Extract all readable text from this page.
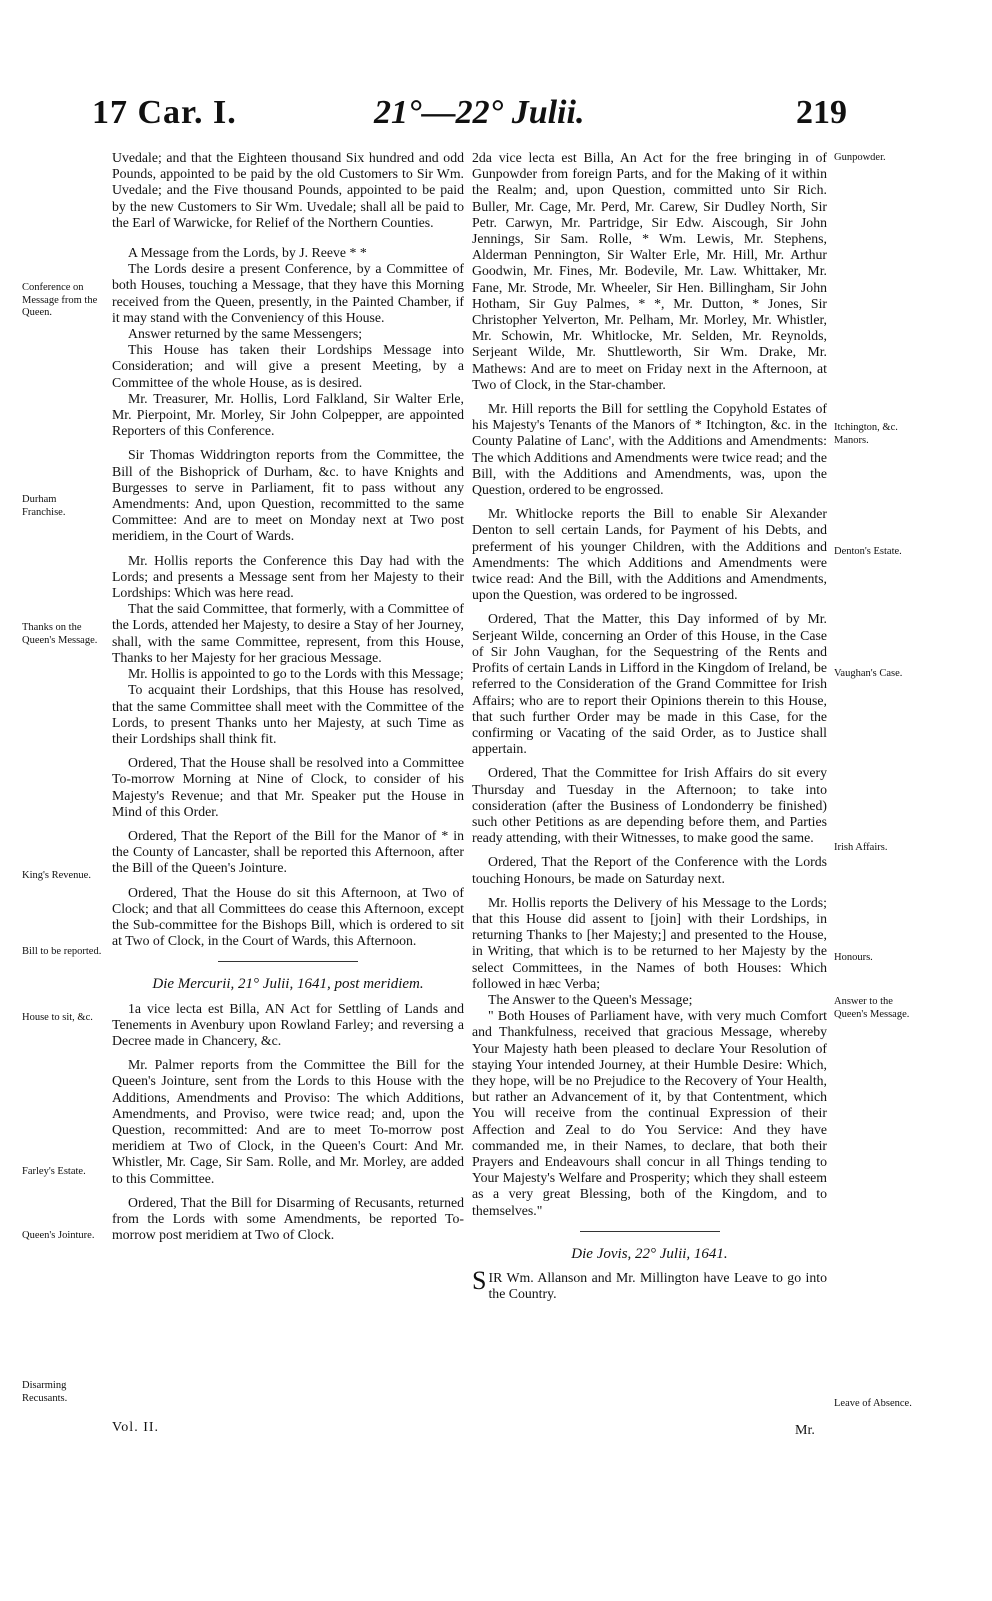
17 Car. I.	21°—22° Julii.	219

Uvedale; and that the Eighteen thousand Six hundred and odd Pounds, appointed to be paid by the old Customers to Sir Wm. Uvedale; and the Five thousand Pounds, appointed to be paid by the new Customers to Sir Wm. Uvedale; shall all be paid to the Earl of Warwicke, for Relief of the Northern Counties.

A Message from the Lords, by J. Reeve * *

The Lords desire a present Conference, by a Committee of both Houses, touching a Message, that they have this Morning received from the Queen, presently, in the Painted Chamber, if it may stand with the Conveniency of this House.

Answer returned by the same Messengers;

This House has taken their Lordships Message into Consideration; and will give a present Meeting, by a Committee of the whole House, as is desired.

Mr. Treasurer, Mr. Hollis, Lord Falkland, Sir Walter Erle, Mr. Pierpoint, Mr. Morley, Sir John Colpepper, are appointed Reporters of this Conference.

Sir Thomas Widdrington reports from the Committee, the Bill of the Bishoprick of Durham, &c. to have Knights and Burgesses to serve in Parliament, fit to pass without any Amendments: And, upon Question, recommitted to the same Committee: And are to meet on Monday next at Two post meridiem, in the Court of Wards.

Mr. Hollis reports the Conference this Day had with the Lords; and presents a Message sent from her Majesty to their Lordships: Which was here read.

That the said Committee, that formerly, with a Committee of the Lords, attended her Majesty, to desire a Stay of her Journey, shall, with the same Committee, represent, from this House, Thanks to her Majesty for her gracious Message.

Mr. Hollis is appointed to go to the Lords with this Message;

To acquaint their Lordships, that this House has resolved, that the same Committee shall meet with the Committee of the Lords, to present Thanks unto her Majesty, at such Time as their Lordships shall think fit.

Ordered, That the House shall be resolved into a Committee To-morrow Morning at Nine of Clock, to consider of his Majesty's Revenue; and that Mr. Speaker put the House in Mind of this Order.

Ordered, That the Report of the Bill for the Manor of * in the County of Lancaster, shall be reported this Afternoon, after the Bill of the Queen's Jointure.

Ordered, That the House do sit this Afternoon, at Two of Clock; and that all Committees do cease this Afternoon, except the Sub-committee for the Bishops Bill, which is ordered to sit at Two of Clock, in the Court of Wards, this Afternoon.

Die Mercurii, 21° Julii, 1641, post meridiem.

1a vice lecta est Billa, AN Act for Settling of Lands and Tenements in Avenbury upon Rowland Farley; and reversing a Decree made in Chancery, &c.

Mr. Palmer reports from the Committee the Bill for the Queen's Jointure, sent from the Lords to this House with the Additions, Amendments and Proviso: The which Additions, Amendments, and Proviso, were twice read; and, upon the Question, recommitted: And are to meet To-morrow post meridiem at Two of Clock, in the Queen's Court: And Mr. Whistler, Mr. Cage, Sir Sam. Rolle, and Mr. Morley, are added to this Committee.

Ordered, That the Bill for Disarming of Recusants, returned from the Lords with some Amendments, be reported To-morrow post meridiem at Two of Clock.

2da vice lecta est Billa, An Act for the free bringing in of Gunpowder from foreign Parts, and for the Making of it within the Realm; and, upon Question, committed unto Sir Rich. Buller, Mr. Cage, Mr. Perd, Mr. Carew, Sir Dudley North, Sir Petr. Carwyn, Mr. Partridge, Sir Edw. Aiscough, Sir John Jennings, Sir Sam. Rolle, * Wm. Lewis, Mr. Stephens, Alderman Pennington, Sir Walter Erle, Mr. Hill, Mr. Arthur Goodwin, Mr. Fines, Mr. Bodevile, Mr. Law. Whittaker, Mr. Fane, Mr. Strode, Mr. Wheeler, Sir Hen. Billingham, Sir John Hotham, Sir Guy Palmes, * *, Mr. Dutton, * Jones, Sir Christopher Yelverton, Mr. Pelham, Mr. Morley, Mr. Whistler, Mr. Schowin, Mr. Whitlocke, Mr. Selden, Mr. Reynolds, Serjeant Wilde, Mr. Shuttleworth, Sir Wm. Drake, Mr. Mathews: And are to meet on Friday next in the Afternoon, at Two of Clock, in the Star-chamber.

Mr. Hill reports the Bill for settling the Copyhold Estates of his Majesty's Tenants of the Manors of * Itchington, &c. in the County Palatine of Lanc', with the Additions and Amendments: The which Additions and Amendments were twice read; and the Bill, with the Additions and Amendments, was, upon the Question, ordered to be engrossed.

Mr. Whitlocke reports the Bill to enable Sir Alexander Denton to sell certain Lands, for Payment of his Debts, and preferment of his younger Children, with the Additions and Amendments: The which Additions and Amendments were twice read: And the Bill, with the Additions and Amendments, upon the Question, was ordered to be ingrossed.

Ordered, That the Matter, this Day informed of by Mr. Serjeant Wilde, concerning an Order of this House, in the Case of Sir John Vaughan, for the Sequestring of the Rents and Profits of certain Lands in Lifford in the Kingdom of Ireland, be referred to the Consideration of the Grand Committee for Irish Affairs; who are to report their Opinions therein to this House, that such further Order may be made in this Case, for the confirming or Vacating of the said Order, as to Justice shall appertain.

Ordered, That the Committee for Irish Affairs do sit every Thursday and Tuesday in the Afternoon; to take into consideration (after the Business of Londonderry be finished) such other Petitions as are depending before them, and Parties ready attending, with their Witnesses, to make good the same.

Ordered, That the Report of the Conference with the Lords touching Honours, be made on Saturday next.

Mr. Hollis reports the Delivery of his Message to the Lords; that this House did assent to [join] with their Lordships, in returning Thanks to [her Majesty;] and presented to the House, in Writing, that which is to be returned to her Majesty by the select Committees, in the Names of both Houses: Which followed in hæc Verba;

The Answer to the Queen's Message;

" Both Houses of Parliament have, with very much Comfort and Thankfulness, received that gracious Message, whereby Your Majesty hath been pleased to declare Your Resolution of staying Your intended Journey, at their Humble Desire: Which, they hope, will be no Prejudice to the Recovery of Your Health, but rather an Advancement of it, by that Contentment, which You will receive from the continual Expression of their Affection and Zeal to do You Service: And they have commanded me, in their Names, to declare, that both their Prayers and Endeavours shall concur in all Things tending to Your Majesty's Welfare and Prosperity; which they shall esteem as a very great Blessing, both of the Kingdom, and to themselves."

Die Jovis, 22° Julii, 1641.

SIR Wm. Allanson and Mr. Millington have Leave to go into the Country.

Conference on Message from the Queen.
Durham Franchise.
Thanks on the Queen's Message.
King's Revenue.
Bill to be reported.
House to sit, &c.
Farley's Estate.
Queen's Jointure.
Disarming Recusants.
Gunpowder.
Itchington, &c. Manors.
Denton's Estate.
Vaughan's Case.
Irish Affairs.
Honours.
Answer to the Queen's Message.
Leave of Absence.
Vol. II.	Mr.
